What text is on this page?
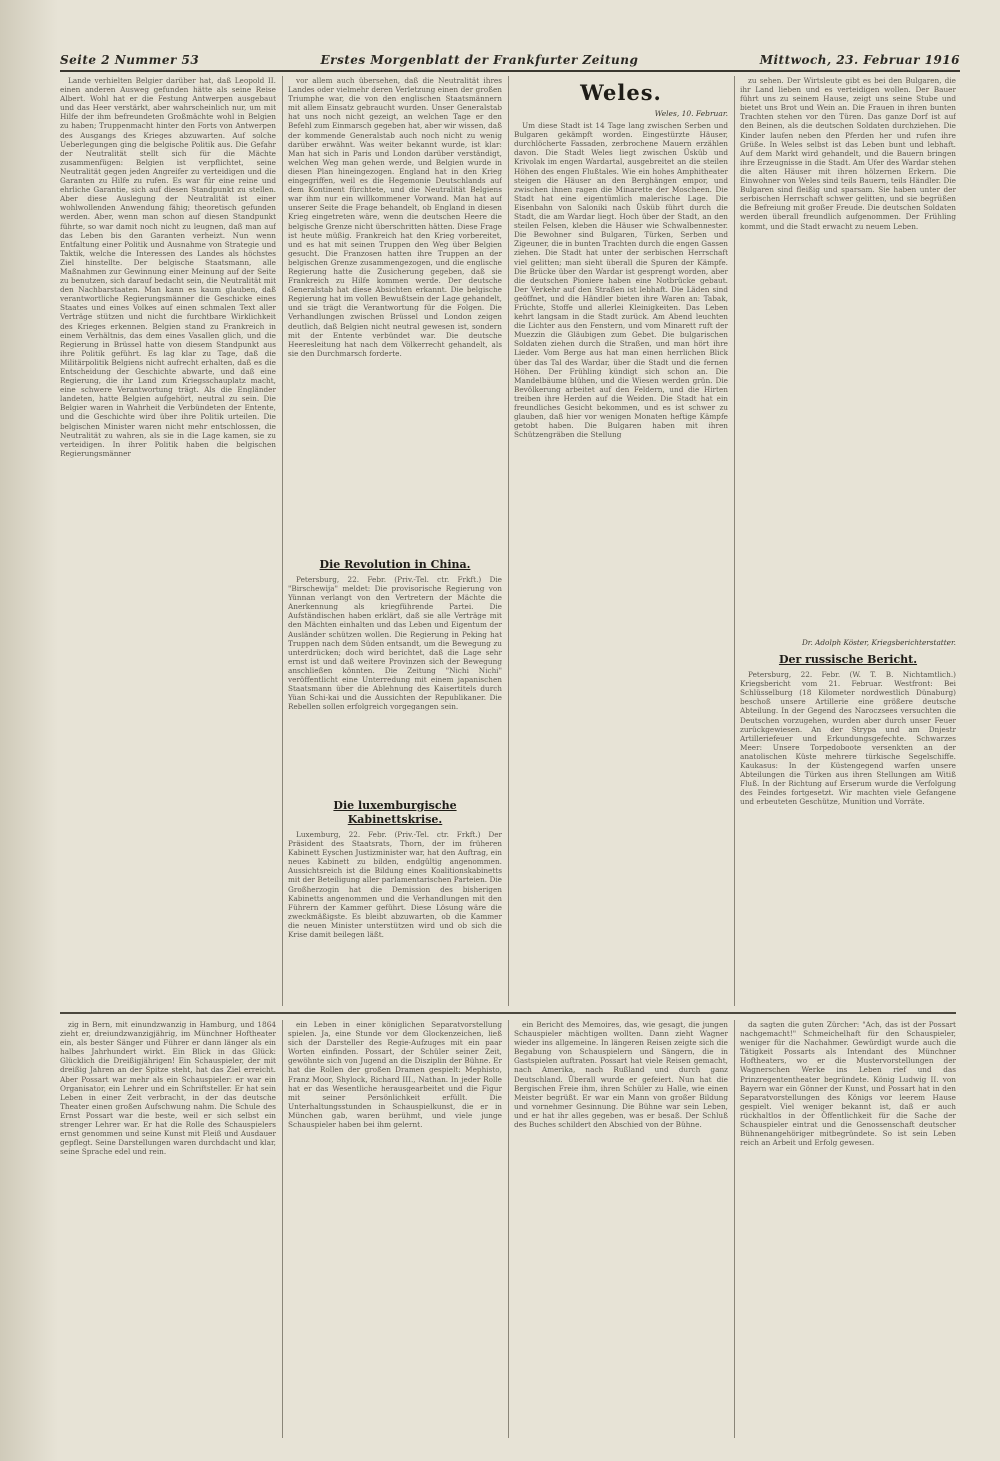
Seite 2 Nummer 53	Erstes Morgenblatt der Frankfurter Zeitung	Mittwoch, 23. Februar 1916

Lande verhielten Belgier darüber hat, daß Leopold II. einen anderen Ausweg gefunden hätte als seine Reise Albert. Wohl hat er die Festung Antwerpen ausgebaut und das Heer verstärkt, aber wahrscheinlich nur, um mit Hilfe der ihm befreundeten Großmächte wohl in Belgien zu haben; Truppenmacht hinter den Forts von Antwerpen des Ausgangs des Krieges abzuwarten. Auf solche Ueberlegungen ging die belgische Politik aus. Die Gefahr der Neutralität stellt sich für die Mächte zusammenfügen: Belgien ist verpflichtet, seine Neutralität gegen jeden Angreifer zu verteidigen und die Garanten zu Hilfe zu rufen. Es war für eine reine und ehrliche Garantie, sich auf diesen Standpunkt zu stellen. Aber diese Auslegung der Neutralität ist einer wohlwollenden Anwendung fähig; theoretisch gefunden werden. Aber, wenn man schon auf diesen Standpunkt führte, so war damit noch nicht zu leugnen, daß man auf das Leben bis den Garanten verheizt. Nun wenn Entfaltung einer Politik und Ausnahme von Strategie und Taktik, welche die Interessen des Landes als höchstes Ziel hinstellte. Der belgische Staatsmann, alle Maßnahmen zur Gewinnung einer Meinung auf der Seite zu benutzen, sich darauf bedacht sein, die Neutralität mit den Nachbarstaaten. Man kann es kaum glauben, daß verantwortliche Regierungsmänner die Geschicke eines Staates und eines Volkes auf einen schmalen Text aller Verträge stützen und nicht die furchtbare Wirklichkeit des Krieges erkennen. Belgien stand zu Frankreich in einem Verhältnis, das dem eines Vasallen glich, und die Regierung in Brüssel hatte von diesem Standpunkt aus ihre Politik geführt. Es lag klar zu Tage, daß die Militärpolitik Belgiens nicht aufrecht erhalten, daß es die Entscheidung der Geschichte abwarte, und daß eine Regierung, die ihr Land zum Kriegsschauplatz macht, eine schwere Verantwortung trägt. Als die Engländer landeten, hatte Belgien aufgehört, neutral zu sein. Die Belgier waren in Wahrheit die Verbündeten der Entente, und die Geschichte wird über ihre Politik urteilen. Die belgischen Minister waren nicht mehr entschlossen, die Neutralität zu wahren, als sie in die Lage kamen, sie zu verteidigen. In ihrer Politik haben die belgischen Regierungsmänner

vor allem auch übersehen, daß die Neutralität ihres Landes oder vielmehr deren Verletzung einen der großen Triumphe war, die von den englischen Staatsmännern mit allem Einsatz gebraucht wurden. Unser Generalstab hat uns noch nicht gezeigt, an welchen Tage er den Befehl zum Einmarsch gegeben hat, aber wir wissen, daß der kommende Generalstab auch noch nicht zu wenig darüber erwähnt. Was weiter bekannt wurde, ist klar: Man hat sich in Paris und London darüber verständigt, welchen Weg man gehen werde, und Belgien wurde in diesen Plan hineingezogen. England hat in den Krieg eingegriffen, weil es die Hegemonie Deutschlands auf dem Kontinent fürchtete, und die Neutralität Belgiens war ihm nur ein willkommener Vorwand. Man hat auf unserer Seite die Frage behandelt, ob England in diesen Krieg eingetreten wäre, wenn die deutschen Heere die belgische Grenze nicht überschritten hätten. Diese Frage ist heute müßig. Frankreich hat den Krieg vorbereitet, und es hat mit seinen Truppen den Weg über Belgien gesucht. Die Franzosen hatten ihre Truppen an der belgischen Grenze zusammengezogen, und die englische Regierung hatte die Zusicherung gegeben, daß sie Frankreich zu Hilfe kommen werde. Der deutsche Generalstab hat diese Absichten erkannt. Die belgische Regierung hat im vollen Bewußtsein der Lage gehandelt, und sie trägt die Verantwortung für die Folgen. Die Verhandlungen zwischen Brüssel und London zeigen deutlich, daß Belgien nicht neutral gewesen ist, sondern mit der Entente verbündet war. Die deutsche Heeresleitung hat nach dem Völkerrecht gehandelt, als sie den Durchmarsch forderte.

Die Revolution in China.

Petersburg, 22. Febr. (Priv.-Tel. ctr. Frkft.) Die "Birschewija" meldet: Die provisorische Regierung von Yünnan verlangt von den Vertretern der Mächte die Anerkennung als kriegführende Partei. Die Aufständischen haben erklärt, daß sie alle Verträge mit den Mächten einhalten und das Leben und Eigentum der Ausländer schützen wollen. Die Regierung in Peking hat Truppen nach dem Süden entsandt, um die Bewegung zu unterdrücken; doch wird berichtet, daß die Lage sehr ernst ist und daß weitere Provinzen sich der Bewegung anschließen könnten. Die Zeitung "Nichi Nichi" veröffentlicht eine Unterredung mit einem japanischen Staatsmann über die Ablehnung des Kaisertitels durch Yüan Schi-kai und die Aussichten der Republikaner. Die Rebellen sollen erfolgreich vorgegangen sein.

Die luxemburgische Kabinettskrise.

Luxemburg, 22. Febr. (Priv.-Tel. ctr. Frkft.) Der Präsident des Staatsrats, Thorn, der im früheren Kabinett Eyschen Justizminister war, hat den Auftrag, ein neues Kabinett zu bilden, endgültig angenommen. Aussichtsreich ist die Bildung eines Koalitionskabinetts mit der Beteiligung aller parlamentarischen Parteien. Die Großherzogin hat die Demission des bisherigen Kabinetts angenommen und die Verhandlungen mit den Führern der Kammer geführt. Diese Lösung wäre die zweckmäßigste. Es bleibt abzuwarten, ob die Kammer die neuen Minister unterstützen wird und ob sich die Krise damit beilegen läßt.

Weles.
Weles, 10. Februar.

Um diese Stadt ist 14 Tage lang zwischen Serben und Bulgaren gekämpft worden. Eingestürzte Häuser, durchlöcherte Fassaden, zerbrochene Mauern erzählen davon. Die Stadt Weles liegt zwischen Üsküb und Krivolak im engen Wardartal, ausgebreitet an die steilen Höhen des engen Flußtales. Wie ein hohes Amphitheater steigen die Häuser an den Berghängen empor, und zwischen ihnen ragen die Minarette der Moscheen. Die Stadt hat eine eigentümlich malerische Lage. Die Eisenbahn von Saloniki nach Üsküb führt durch die Stadt, die am Wardar liegt. Hoch über der Stadt, an den steilen Felsen, kleben die Häuser wie Schwalbennester. Die Bewohner sind Bulgaren, Türken, Serben und Zigeuner, die in bunten Trachten durch die engen Gassen ziehen. Die Stadt hat unter der serbischen Herrschaft viel gelitten; man sieht überall die Spuren der Kämpfe. Die Brücke über den Wardar ist gesprengt worden, aber die deutschen Pioniere haben eine Notbrücke gebaut. Der Verkehr auf den Straßen ist lebhaft. Die Läden sind geöffnet, und die Händler bieten ihre Waren an: Tabak, Früchte, Stoffe und allerlei Kleinigkeiten. Das Leben kehrt langsam in die Stadt zurück. Am Abend leuchten die Lichter aus den Fenstern, und vom Minarett ruft der Muezzin die Gläubigen zum Gebet. Die bulgarischen Soldaten ziehen durch die Straßen, und man hört ihre Lieder. Vom Berge aus hat man einen herrlichen Blick über das Tal des Wardar, über die Stadt und die fernen Höhen. Der Frühling kündigt sich schon an. Die Mandelbäume blühen, und die Wiesen werden grün. Die Bevölkerung arbeitet auf den Feldern, und die Hirten treiben ihre Herden auf die Weiden. Die Stadt hat ein freundliches Gesicht bekommen, und es ist schwer zu glauben, daß hier vor wenigen Monaten heftige Kämpfe getobt haben. Die Bulgaren haben mit ihren Schützengräben die Stellung

zu sehen. Der Wirtsleute gibt es bei den Bulgaren, die ihr Land lieben und es verteidigen wollen. Der Bauer führt uns zu seinem Hause, zeigt uns seine Stube und bietet uns Brot und Wein an. Die Frauen in ihren bunten Trachten stehen vor den Türen. Das ganze Dorf ist auf den Beinen, als die deutschen Soldaten durchziehen. Die Kinder laufen neben den Pferden her und rufen ihre Grüße. In Weles selbst ist das Leben bunt und lebhaft. Auf dem Markt wird gehandelt, und die Bauern bringen ihre Erzeugnisse in die Stadt. Am Ufer des Wardar stehen die alten Häuser mit ihren hölzernen Erkern. Die Einwohner von Weles sind teils Bauern, teils Händler. Die Bulgaren sind fleißig und sparsam. Sie haben unter der serbischen Herrschaft schwer gelitten, und sie begrüßen die Befreiung mit großer Freude. Die deutschen Soldaten werden überall freundlich aufgenommen. Der Frühling kommt, und die Stadt erwacht zu neuem Leben.

Dr. Adolph Köster, Kriegsberichterstatter.
Der russische Bericht.

Petersburg, 22. Febr. (W. T. B. Nichtamtlich.) Kriegsbericht vom 21. Februar. Westfront: Bei Schlüsselburg (18 Kilometer nordwestlich Dünaburg) beschoß unsere Artillerie eine größere deutsche Abteilung. In der Gegend des Naroczsees versuchten die Deutschen vorzugehen, wurden aber durch unser Feuer zurückgewiesen. An der Strypa und am Dnjestr Artilleriefeuer und Erkundungsgefechte. Schwarzes Meer: Unsere Torpedoboote versenkten an der anatolischen Küste mehrere türkische Segelschiffe. Kaukasus: In der Küstengegend warfen unsere Abteilungen die Türken aus ihren Stellungen am Witiß Fluß. In der Richtung auf Erserum wurde die Verfolgung des Feindes fortgesetzt. Wir machten viele Gefangene und erbeuteten Geschütze, Munition und Vorräte.

zig in Bern, mit einundzwanzig in Hamburg, und 1864 zieht er, dreiundzwanzigjährig, im Münchner Hoftheater ein, als bester Sänger und Führer er dann länger als ein halbes Jahrhundert wirkt. Ein Blick in das Glück: Glücklich die Dreißigjährigen! Ein Schauspieler, der mit dreißig Jahren an der Spitze steht, hat das Ziel erreicht. Aber Possart war mehr als ein Schauspieler: er war ein Organisator, ein Lehrer und ein Schriftsteller. Er hat sein Leben in einer Zeit verbracht, in der das deutsche Theater einen großen Aufschwung nahm. Die Schule des Ernst Possart war die beste, weil er sich selbst ein strenger Lehrer war. Er hat die Rolle des Schauspielers ernst genommen und seine Kunst mit Fleiß und Ausdauer gepflegt. Seine Darstellungen waren durchdacht und klar, seine Sprache edel und rein.

ein Leben in einer königlichen Separatvorstellung spielen. Ja, eine Stunde vor dem Glockenzeichen, ließ sich der Darsteller des Regie-Aufzuges mit ein paar Worten einfinden. Possart, der Schüler seiner Zeit, gewöhnte sich von Jugend an die Disziplin der Bühne. Er hat die Rollen der großen Dramen gespielt: Mephisto, Franz Moor, Shylock, Richard III., Nathan. In jeder Rolle hat er das Wesentliche herausgearbeitet und die Figur mit seiner Persönlichkeit erfüllt. Die Unterhaltungsstunden in Schauspielkunst, die er in München gab, waren berühmt, und viele junge Schauspieler haben bei ihm gelernt.

ein Bericht des Memoires, das, wie gesagt, die jungen Schauspieler mächtigen wollten. Dann zieht Wagner wieder ins allgemeine. In längeren Reisen zeigte sich die Begabung von Schauspielern und Sängern, die in Gastspielen auftraten. Possart hat viele Reisen gemacht, nach Amerika, nach Rußland und durch ganz Deutschland. Überall wurde er gefeiert. Nun hat die Bergischen Freie ihm, ihren Schüler zu Halle, wie einen Meister begrüßt. Er war ein Mann von großer Bildung und vornehmer Gesinnung. Die Bühne war sein Leben, und er hat ihr alles gegeben, was er besaß. Der Schluß des Buches schildert den Abschied von der Bühne.

da sagten die guten Zürcher: "Ach, das ist der Possart nachgemacht!" Schmeichelhaft für den Schauspieler, weniger für die Nachahmer. Gewürdigt wurde auch die Tätigkeit Possarts als Intendant des Münchner Hoftheaters, wo er die Mustervorstellungen der Wagnerschen Werke ins Leben rief und das Prinzregententheater begründete. König Ludwig II. von Bayern war ein Gönner der Kunst, und Possart hat in den Separatvorstellungen des Königs vor leerem Hause gespielt. Viel weniger bekannt ist, daß er auch rückhaltlos in der Öffentlichkeit für die Sache der Schauspieler eintrat und die Genossenschaft deutscher Bühnenangehöriger mitbegründete. So ist sein Leben reich an Arbeit und Erfolg gewesen.
